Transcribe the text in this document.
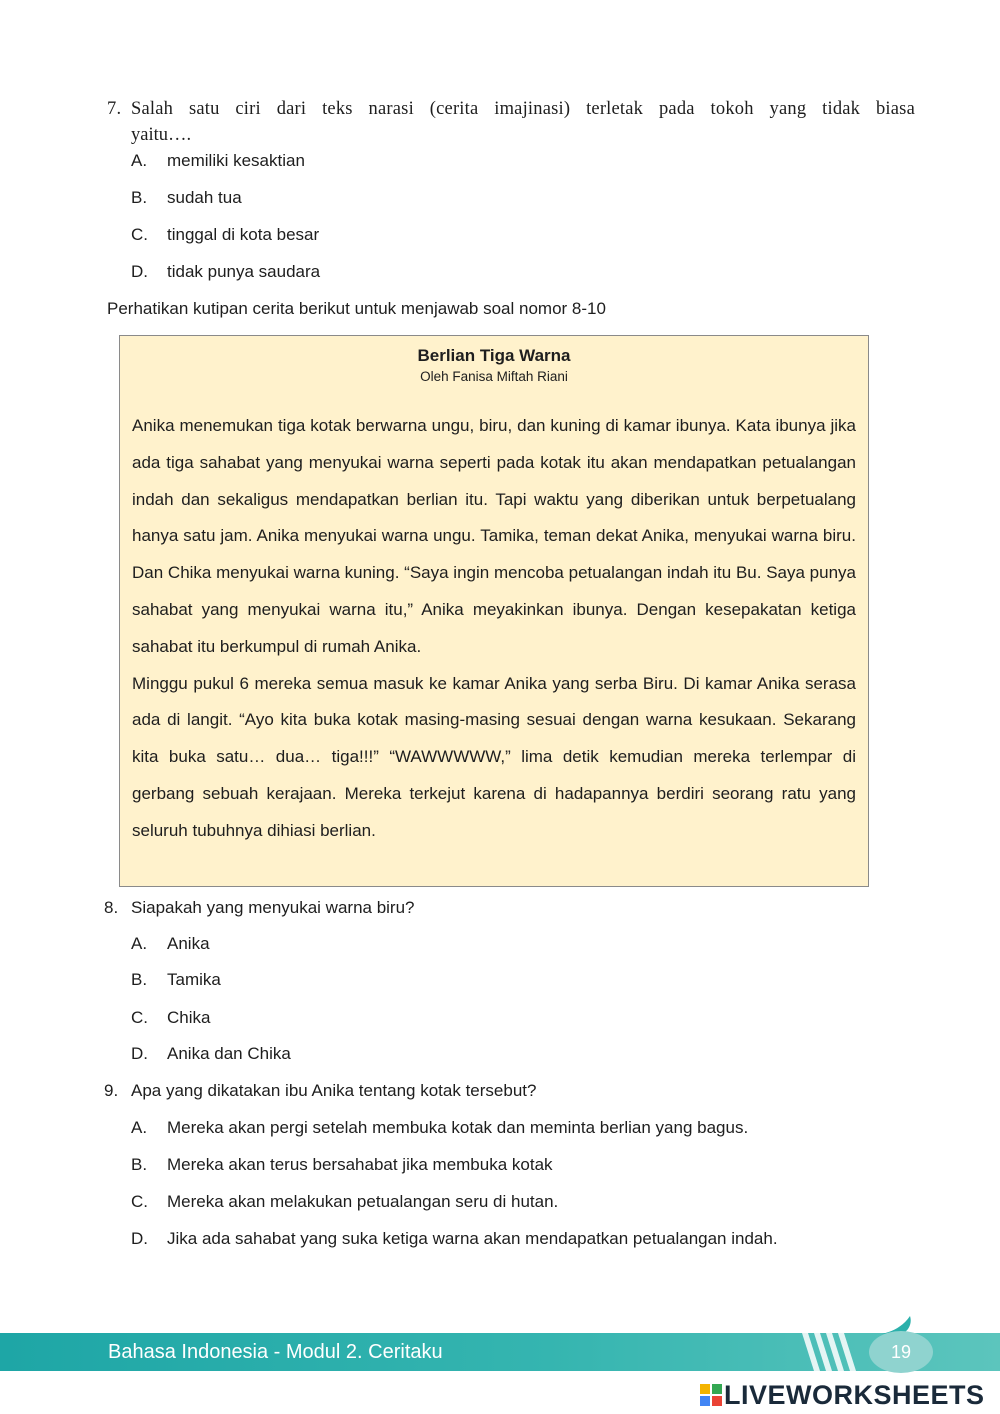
7. Salah satu ciri dari teks narasi (cerita imajinasi) terletak pada tokoh yang tidak biasa
yaitu….
A. memiliki kesaktian
B. sudah tua
C. tinggal di kota besar
D. tidak punya saudara
Perhatikan kutipan cerita berikut untuk menjawab soal nomor 8-10
Berlian Tiga Warna
Oleh Fanisa Miftah Riani

Anika menemukan tiga kotak berwarna ungu, biru, dan kuning di kamar ibunya. Kata ibunya jika ada tiga sahabat yang menyukai warna seperti pada kotak itu akan mendapatkan petualangan indah dan sekaligus mendapatkan berlian itu. Tapi waktu yang diberikan untuk berpetualang hanya satu jam. Anika menyukai warna ungu. Tamika, teman dekat Anika, menyukai warna biru. Dan Chika menyukai warna kuning. “Saya ingin mencoba petualangan indah itu Bu. Saya punya sahabat yang menyukai warna itu,” Anika meyakinkan ibunya. Dengan kesepakatan ketiga sahabat itu berkumpul di rumah Anika.

Minggu pukul 6 mereka semua masuk ke kamar Anika yang serba Biru. Di kamar Anika serasa ada di langit. “Ayo kita buka kotak masing-masing sesuai dengan warna kesukaan. Sekarang kita buka satu… dua… tiga!!!” “WAWWWWW,” lima detik kemudian mereka terlempar di gerbang sebuah kerajaan. Mereka terkejut karena di hadapannya berdiri seorang ratu yang seluruh tubuhnya dihiasi berlian.

8. Siapakah yang menyukai warna biru?
A. Anika
B. Tamika
C. Chika
D. Anika dan Chika
9. Apa yang dikatakan ibu Anika tentang kotak tersebut?
A. Mereka akan pergi setelah membuka kotak dan meminta berlian yang bagus.
B. Mereka akan terus bersahabat jika membuka kotak
C. Mereka akan melakukan petualangan seru di hutan.
D. Jika ada sahabat yang suka ketiga warna akan mendapatkan petualangan indah.
Bahasa Indonesia - Modul 2. Ceritaku	19
LIVEWORKSHEETS
